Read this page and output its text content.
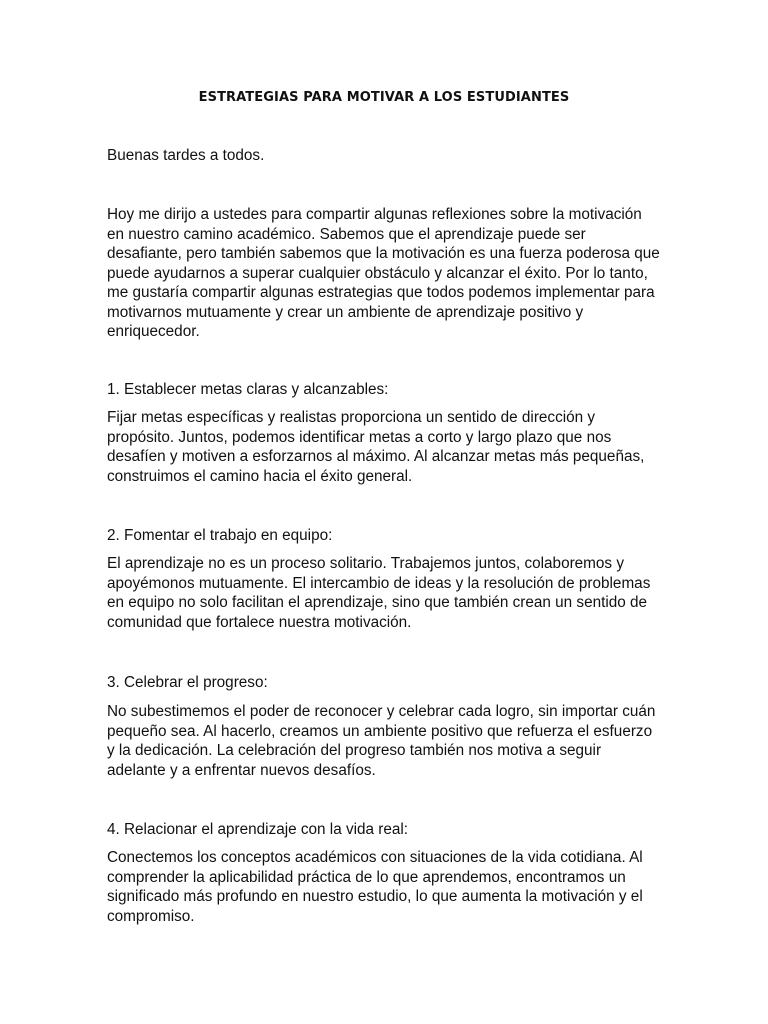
ESTRATEGIAS PARA MOTIVAR A LOS ESTUDIANTES

Buenas tardes a todos.

Hoy me dirijo a ustedes para compartir algunas reflexiones sobre la motivación en nuestro camino académico. Sabemos que el aprendizaje puede ser desafiante, pero también sabemos que la motivación es una fuerza poderosa que puede ayudarnos a superar cualquier obstáculo y alcanzar el éxito. Por lo tanto, me gustaría compartir algunas estrategias que todos podemos implementar para motivarnos mutuamente y crear un ambiente de aprendizaje positivo y enriquecedor.

1. Establecer metas claras y alcanzables:

Fijar metas específicas y realistas proporciona un sentido de dirección y propósito. Juntos, podemos identificar metas a corto y largo plazo que nos desafíen y motiven a esforzarnos al máximo. Al alcanzar metas más pequeñas, construimos el camino hacia el éxito general.

2. Fomentar el trabajo en equipo:

El aprendizaje no es un proceso solitario. Trabajemos juntos, colaboremos y apoyémonos mutuamente. El intercambio de ideas y la resolución de problemas en equipo no solo facilitan el aprendizaje, sino que también crean un sentido de comunidad que fortalece nuestra motivación.

3. Celebrar el progreso:

No subestimemos el poder de reconocer y celebrar cada logro, sin importar cuán pequeño sea. Al hacerlo, creamos un ambiente positivo que refuerza el esfuerzo y la dedicación. La celebración del progreso también nos motiva a seguir adelante y a enfrentar nuevos desafíos.

4. Relacionar el aprendizaje con la vida real:

Conectemos los conceptos académicos con situaciones de la vida cotidiana. Al comprender la aplicabilidad práctica de lo que aprendemos, encontramos un significado más profundo en nuestro estudio, lo que aumenta la motivación y el compromiso.
